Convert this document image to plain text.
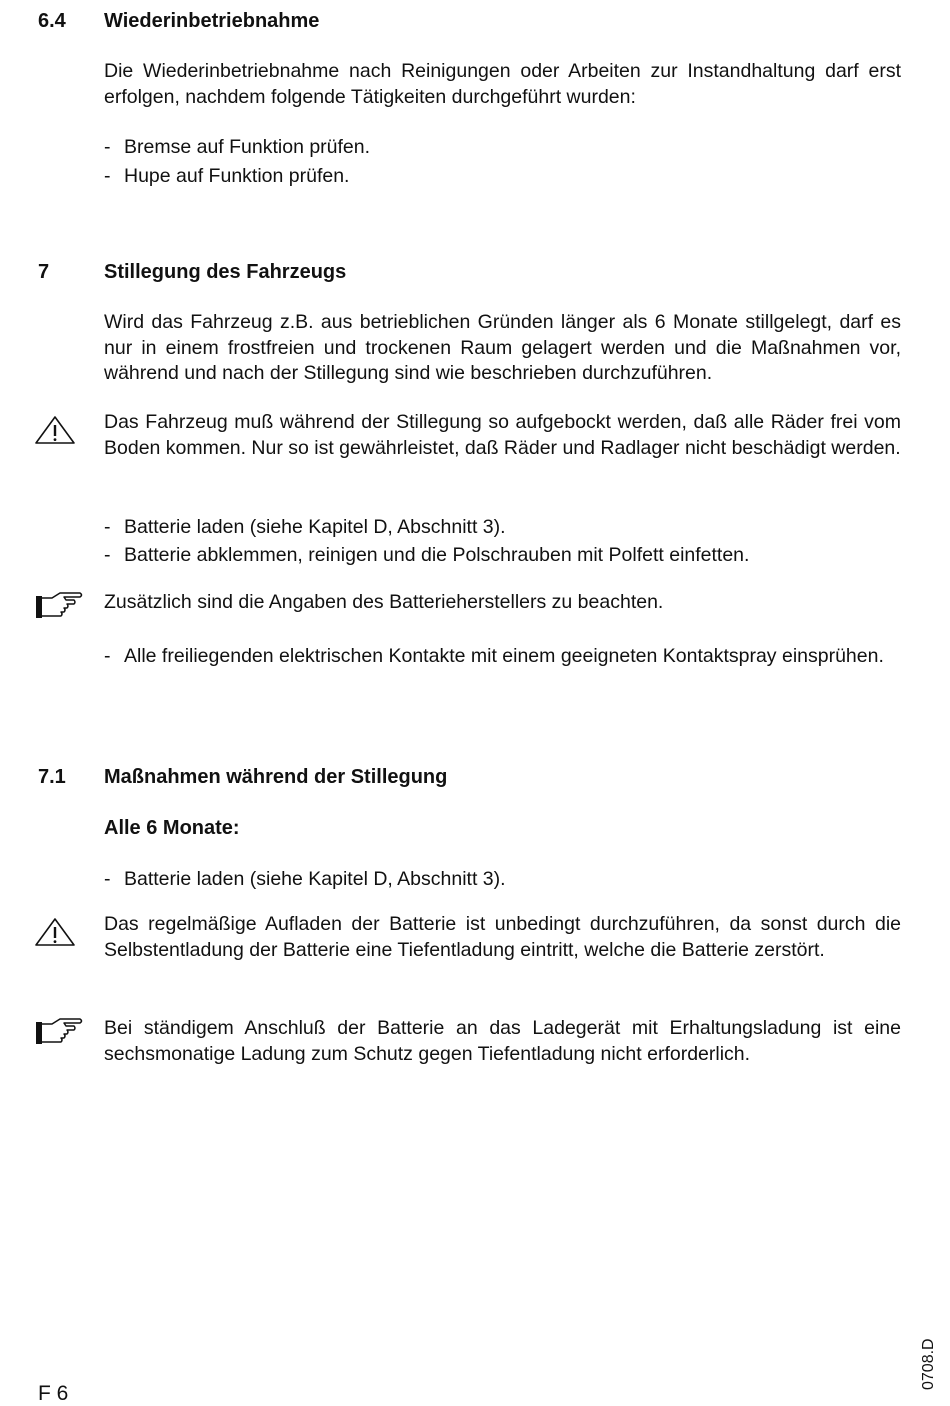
6.4 Wiederinbetriebnahme
Die Wiederinbetriebnahme nach Reinigungen oder Arbeiten zur Instandhaltung darf erst erfolgen, nachdem folgende Tätigkeiten durchgeführt wurden:
- Bremse auf Funktion prüfen.
- Hupe auf Funktion prüfen.
7	Stillegung des Fahrzeugs
Wird das Fahrzeug z.B. aus betrieblichen Gründen länger als 6 Monate stillgelegt, darf es nur in einem frostfreien und trockenen Raum gelagert werden und die Maßnahmen vor, während und nach der Stillegung sind wie beschrieben durchzuführen.
Das Fahrzeug muß während der Stillegung so aufgebockt werden, daß alle Räder frei vom Boden kommen. Nur so ist gewährleistet, daß Räder und Radlager nicht beschädigt werden.
- Batterie laden (siehe Kapitel D, Abschnitt 3).
- Batterie abklemmen, reinigen und die Polschrauben mit Polfett einfetten.
Zusätzlich sind die Angaben des Batterieherstellers zu beachten.
- Alle freiliegenden elektrischen Kontakte mit einem geeigneten Kontaktspray einsprühen.
7.1 Maßnahmen während der Stillegung
Alle 6 Monate:
- Batterie laden (siehe Kapitel D, Abschnitt 3).
Das regelmäßige Aufladen der Batterie ist unbedingt durchzuführen, da sonst durch die Selbstentladung der Batterie eine Tiefentladung eintritt, welche die Batterie zerstört.
Bei ständigem Anschluß der Batterie an das Ladegerät mit Erhaltungsladung ist eine sechsmonatige Ladung zum Schutz gegen Tiefentladung nicht erforderlich.
F 6
0708.D
